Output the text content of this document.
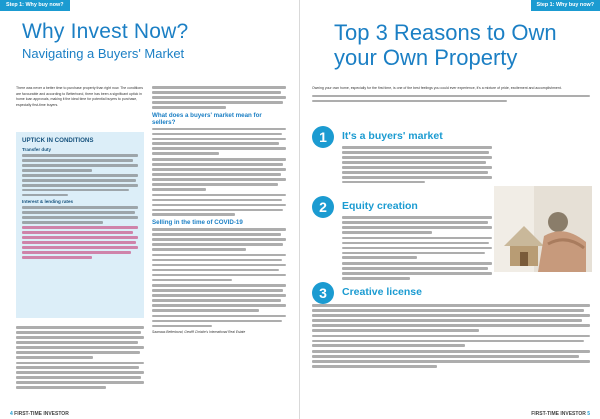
Step 1: Why buy now?
Why Invest Now?
Navigating a Buyers' Market

There was never a better time to purchase property than right now. The conditions are favourable and according to Betterbond, there has been a significant uptick in home loan approvals, making it the ideal time for potential buyers to purchase, especially first-time buyers.

UPTICK IN CONDITIONS
Transfer duty
Interest & lending rates
What does a buyers' market mean for sellers?
Selling in the time of COVID-19

Saarraas Betterbond, Gewfff Christie's International Real Estate

4 FIRST-TIME INVESTOR
Step 1: Why buy now?
Top 3 Reasons to Own your Own Property

Owning your own home, especially for the first time, is one of the best feelings you could ever experience, it's a mixture of pride, excitement and accomplishment.

1	It's a buyers' market
2	Equity creation
3	Creative license
FIRST-TIME INVESTOR 5
